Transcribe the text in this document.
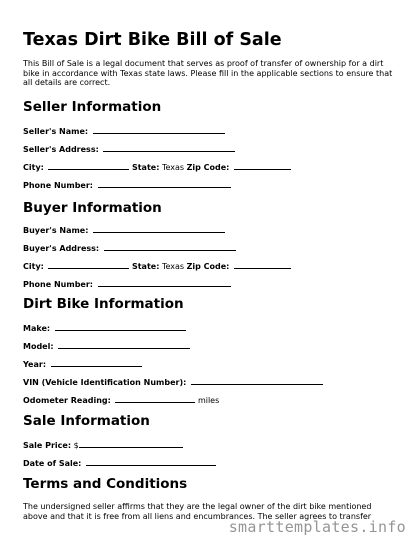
Texas Dirt Bike Bill of Sale

This Bill of Sale is a legal document that serves as proof of transfer of ownership for a dirt bike in accordance with Texas state laws. Please fill in the applicable sections to ensure that all details are correct.

Seller Information
Seller's Name:
Seller's Address:
City:	State: Texas Zip Code:
Phone Number:
Buyer Information
Buyer's Name:
Buyer's Address:
City:	State: Texas Zip Code:
Phone Number:
Dirt Bike Information
Make:
Model:
Year:
VIN (Vehicle Identification Number):
Odometer Reading:	miles
Sale Information
Sale Price: $
Date of Sale:
Terms and Conditions
The undersigned seller affirms that they are the legal owner of the dirt bike mentioned above and that it is free from all liens and encumbrances. The seller agrees to transfer
smarttemplates.info
